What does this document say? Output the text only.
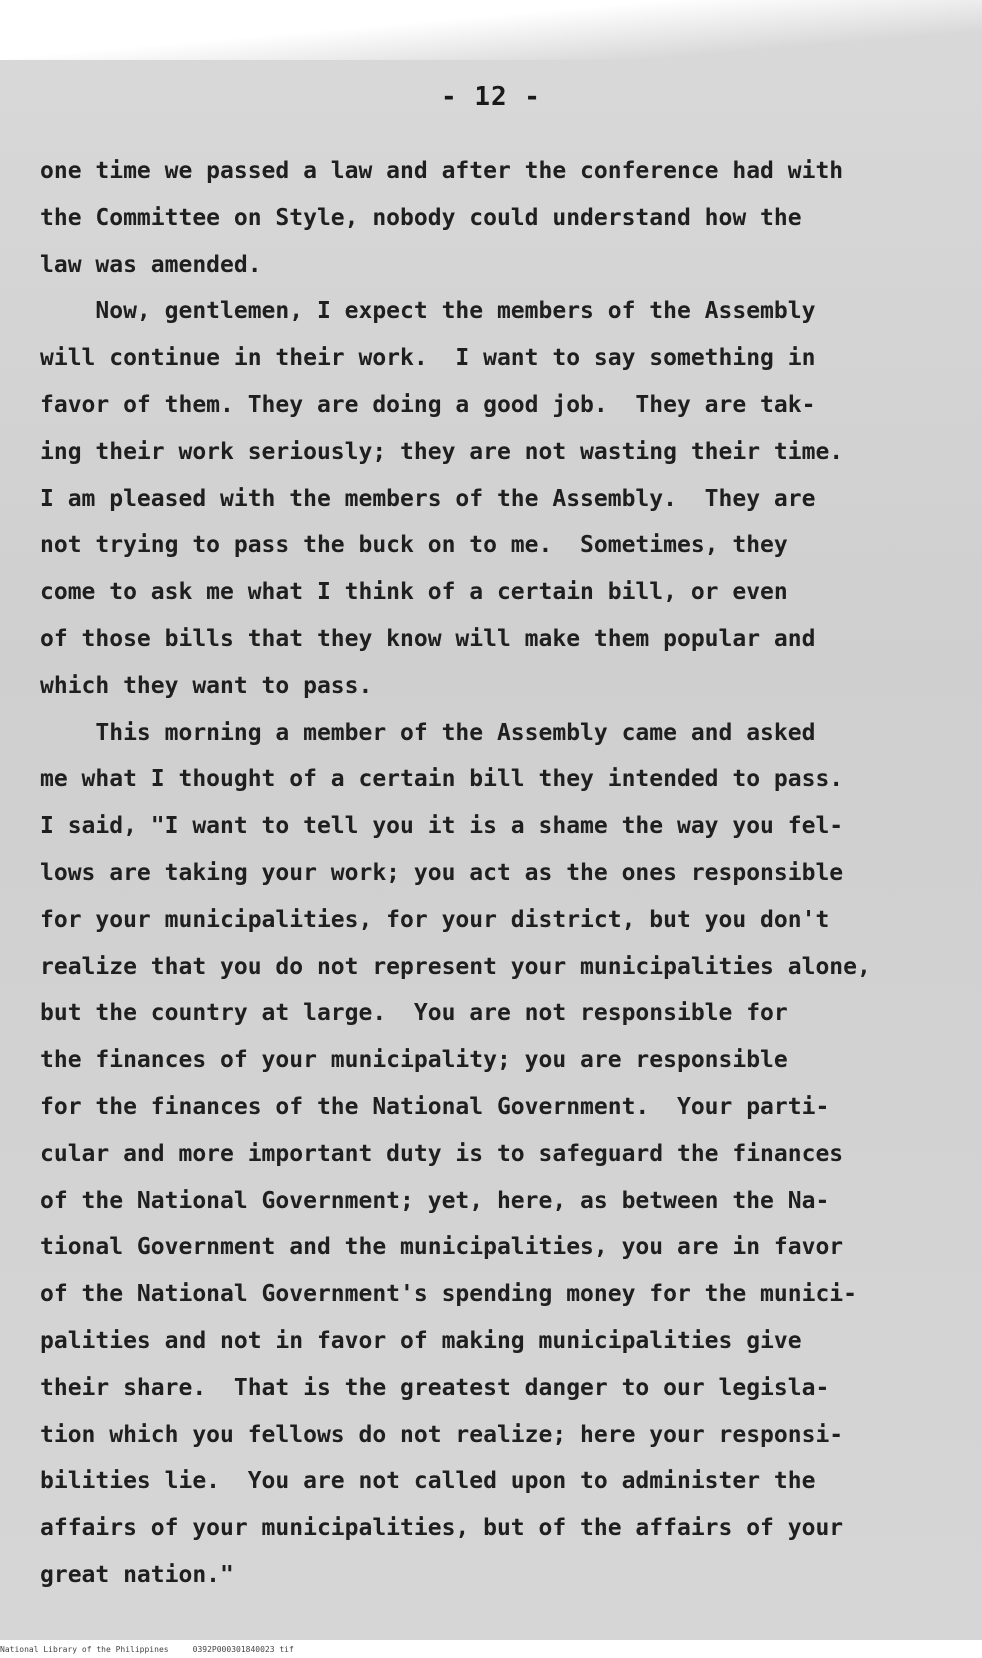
- 12 -
one time we passed a law and after the conference had with
the Committee on Style, nobody could understand how the
law was amended.
Now, gentlemen, I expect the members of the Assembly
will continue in their work.  I want to say something in
favor of them. They are doing a good job.  They are tak-
ing their work seriously; they are not wasting their time.
I am pleased with the members of the Assembly.  They are
not trying to pass the buck on to me.  Sometimes, they
come to ask me what I think of a certain bill, or even
of those bills that they know will make them popular and
which they want to pass.
This morning a member of the Assembly came and asked
me what I thought of a certain bill they intended to pass.
I said, "I want to tell you it is a shame the way you fel-
lows are taking your work; you act as the ones responsible
for your municipalities, for your district, but you don't
realize that you do not represent your municipalities alone,
but the country at large.  You are not responsible for
the finances of your municipality; you are responsible
for the finances of the National Government.  Your parti-
cular and more important duty is to safeguard the finances
of the National Government; yet, here, as between the Na-
tional Government and the municipalities, you are in favor
of the National Government's spending money for the munici-
palities and not in favor of making municipalities give
their share.  That is the greatest danger to our legisla-
tion which you fellows do not realize; here your responsi-
bilities lie.  You are not called upon to administer the
affairs of your municipalities, but of the affairs of your
great nation."
National Library of the Philippines     0392P000301840023 tif
